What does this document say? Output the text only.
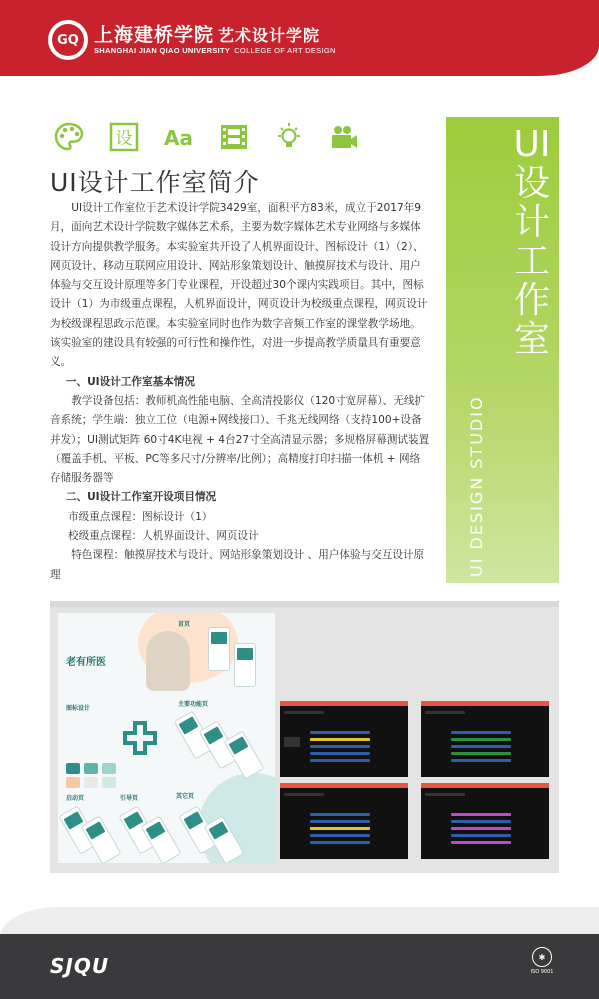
GQ 上海建桥学院 艺术设计学院
SHANGHAI JIAN QIAO UNIVERSITY COLLEGE OF ART DESIGN
设 Aa
UI设计工作室简介

UI设计工作室位于艺术设计学院3429室，面积平方83米，成立于2017年9月，面向艺术设计学院数字媒体艺术系，主要为数字媒体艺术专业网络与多媒体设计方向提供教学服务。本实验室共开设了人机界面设计、图标设计（1）（2）、网页设计、移动互联网应用设计、网站形象策划设计、触摸屏技术与设计、用户体验与交互设计原理等多门专业课程，开设超过30个课内实践项目。其中，图标设计（1）为市级重点课程，人机界面设计，网页设计为校级重点课程，网页设计为校级课程思政示范课。本实验室同时也作为数字音频工作室的课堂教学场地。该实验室的建设具有较强的可行性和操作性，对进一步提高教学质量具有重要意义。

一、UI设计工作室基本情况

教学设备包括：教师机高性能电脑、全高清投影仪（120寸宽屏幕）、无线扩音系统；学生端：独立工位（电源+网线接口）、千兆无线网络（支持100+设备并发）；UI测试矩阵 60寸4K电视 + 4台27寸全高清显示器；多规格屏幕测试装置（覆盖手机、平板、PC等多尺寸/分辨率/比例）；高精度打印扫描一体机 + 网络存储服务器等

二、UI设计工作室开设项目情况

市级重点课程：图标设计（1）

校级重点课程：人机界面设计、网页设计

特色课程：触摸屏技术与设计、网站形象策划设计 、用户体验与交互设计原理

UI设计工作室
UI DESIGN STUDIO
首页
老有所医
图标设计
主要功能页
启动页	引导页	其它页
SJQU	✱
ISO 9001
